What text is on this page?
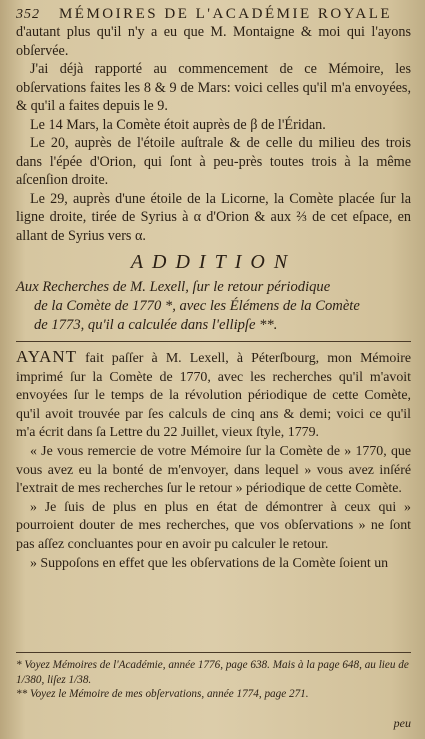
352	MÉMOIRES DE L'ACADÉMIE ROYALE

d'autant plus qu'il n'y a eu que M. Montaigne & moi qui l'ayons obſervée.

J'ai déjà rapporté au commencement de ce Mémoire, les obſervations faites les 8 & 9 de Mars: voici celles qu'il m'a envoyées, & qu'il a faites depuis le 9.

Le 14 Mars, la Comète étoit auprès de β de l'Éridan.

Le 20, auprès de l'étoile auſtrale & de celle du milieu des trois dans l'épée d'Orion, qui ſont à peu-près toutes trois à la même aſcenſion droite.

Le 29, auprès d'une étoile de la Licorne, la Comète placée ſur la ligne droite, tirée de Syrius à α d'Orion & aux ⅔ de cet eſpace, en allant de Syrius vers α.

ADDITION
Aux Recherches de M. Lexell, ſur le retour périodique
de la Comète de 1770 *, avec les Élémens de la Comète
de 1773, qu'il a calculée dans l'ellipſe **.

AYANT fait paſſer à M. Lexell, à Péterſbourg, mon Mémoire imprimé ſur la Comète de 1770, avec les recherches qu'il m'avoit envoyées ſur le temps de la révolution périodique de cette Comète, qu'il avoit trouvée par ſes calculs de cinq ans & demi; voici ce qu'il m'a écrit dans ſa Lettre du 22 Juillet, vieux ſtyle, 1779.

« Je vous remercie de votre Mémoire ſur la Comète de » 1770, que vous avez eu la bonté de m'envoyer, dans lequel » vous avez inſéré l'extrait de mes recherches ſur le retour » périodique de cette Comète.

» Je ſuis de plus en plus en état de démontrer à ceux qui » pourroient douter de mes recherches, que vos obſervations » ne ſont pas aſſez concluantes pour en avoir pu calculer le retour.

» Suppoſons en effet que les obſervations de la Comète ſoient un

* Voyez Mémoires de l'Académie, année 1776, page 638. Mais à la page 648, au lieu de 1/380, liſez 1/38.
** Voyez le Mémoire de mes obſervations, année 1774, page 271.
peu
